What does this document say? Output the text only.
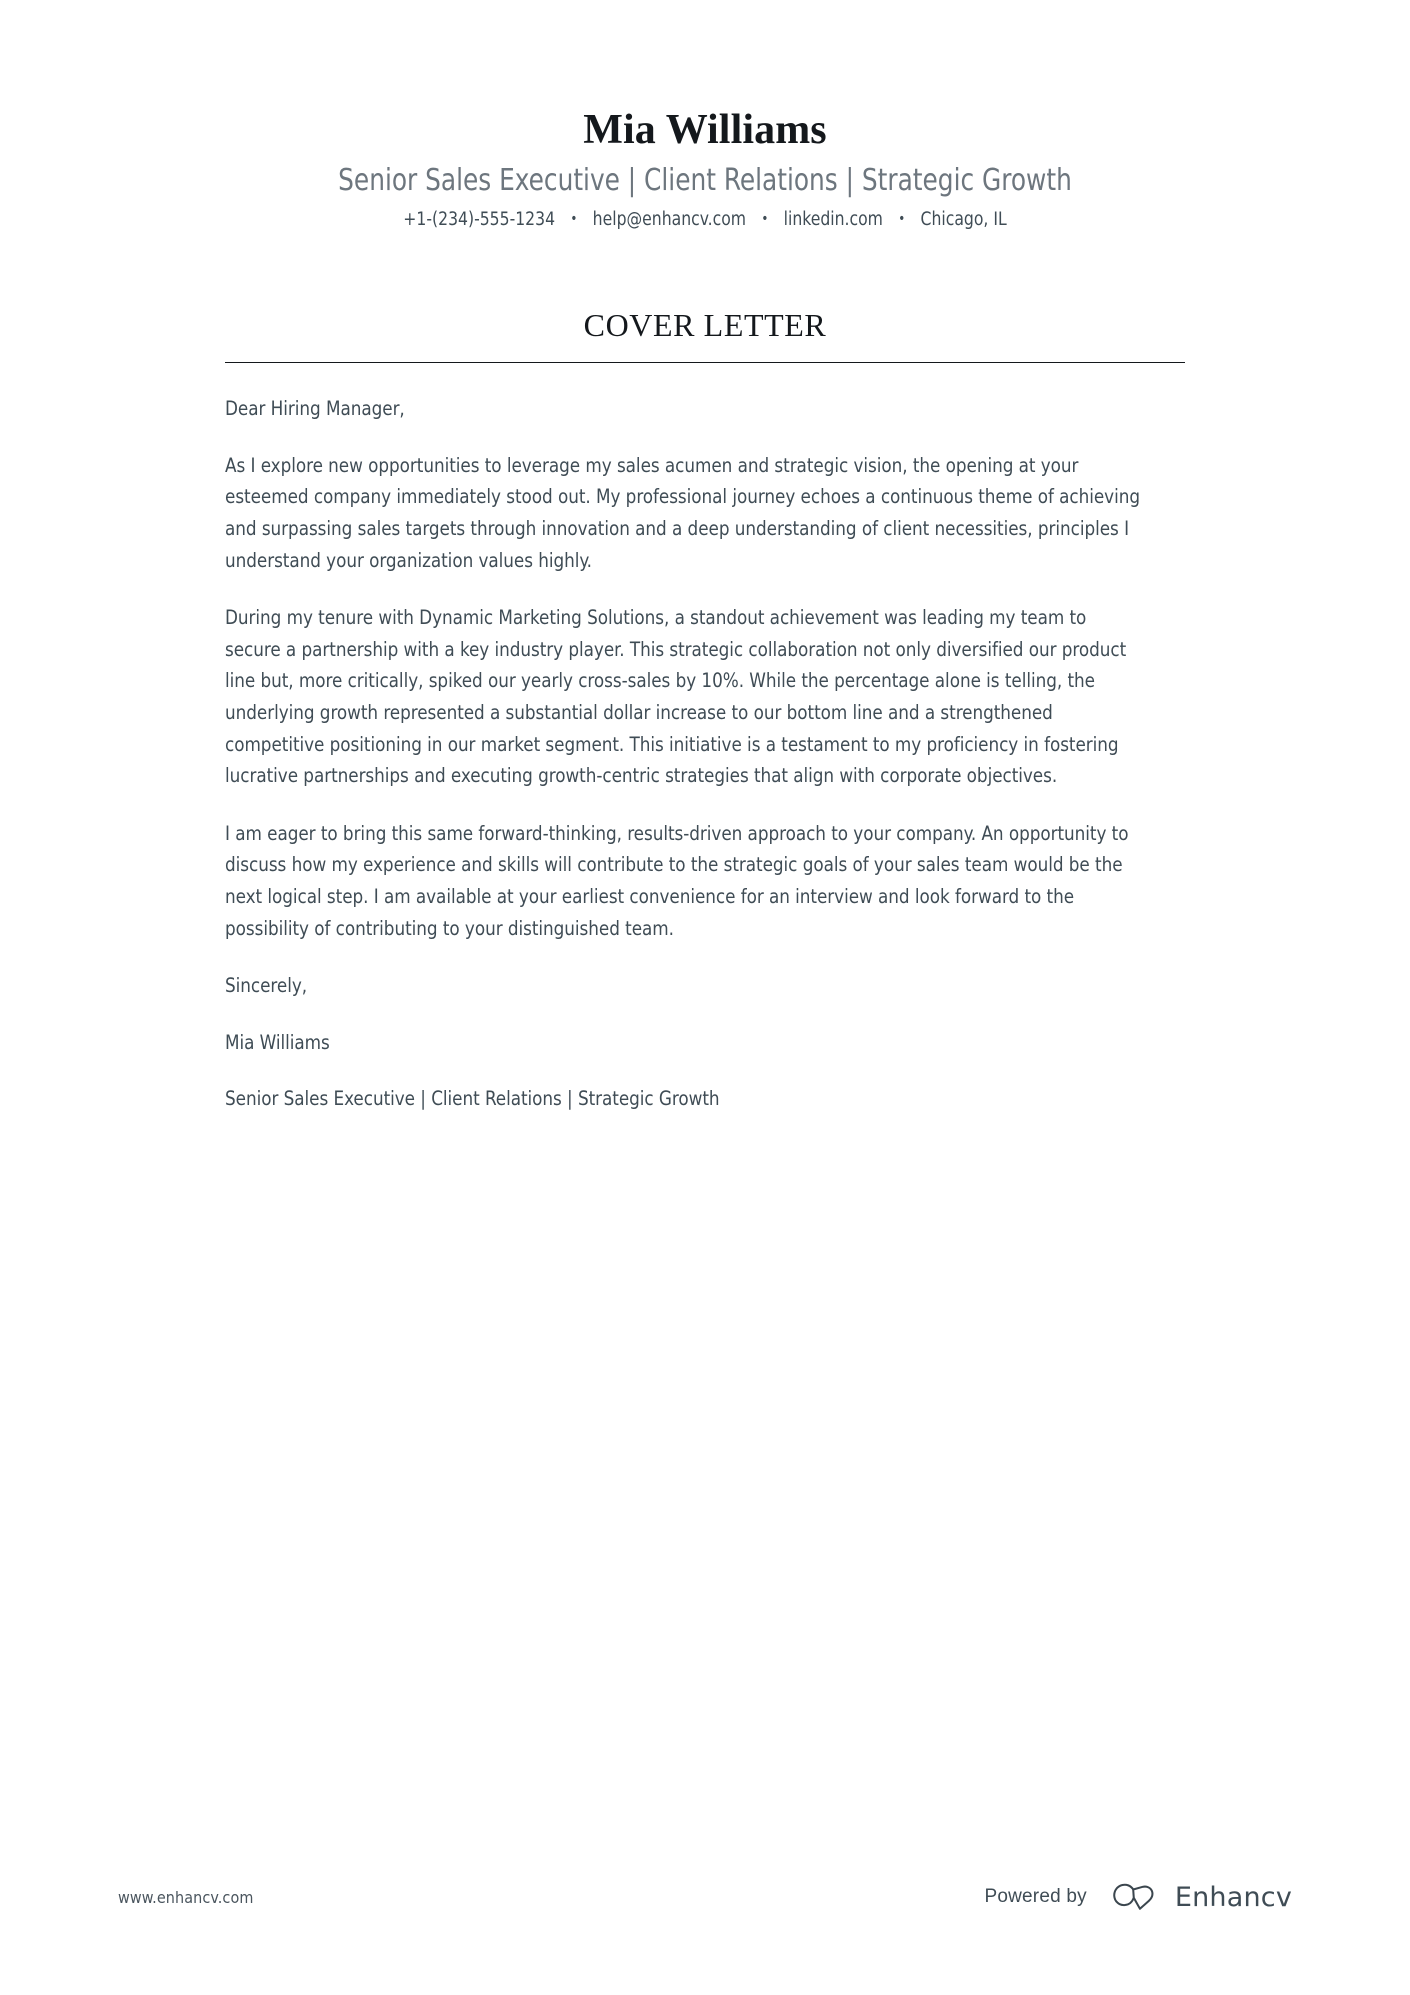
Mia Williams
Senior Sales Executive | Client Relations | Strategic Growth
+1-(234)-555-1234 • help@enhancv.com • linkedin.com • Chicago, IL
COVER LETTER

Dear Hiring Manager,

As I explore new opportunities to leverage my sales acumen and strategic vision, the opening at your esteemed company immediately stood out. My professional journey echoes a continuous theme of achieving and surpassing sales targets through innovation and a deep understanding of client necessities, principles I understand your organization values highly.

During my tenure with Dynamic Marketing Solutions, a standout achievement was leading my team to secure a partnership with a key industry player. This strategic collaboration not only diversified our product line but, more critically, spiked our yearly cross-sales by 10%. While the percentage alone is telling, the underlying growth represented a substantial dollar increase to our bottom line and a strengthened competitive positioning in our market segment. This initiative is a testament to my proficiency in fostering lucrative partnerships and executing growth-centric strategies that align with corporate objectives.

I am eager to bring this same forward-thinking, results-driven approach to your company. An opportunity to discuss how my experience and skills will contribute to the strategic goals of your sales team would be the next logical step. I am available at your earliest convenience for an interview and look forward to the possibility of contributing to your distinguished team.

Sincerely,

Mia Williams

Senior Sales Executive | Client Relations | Strategic Growth

www.enhancv.com	Powered by	Enhancv
